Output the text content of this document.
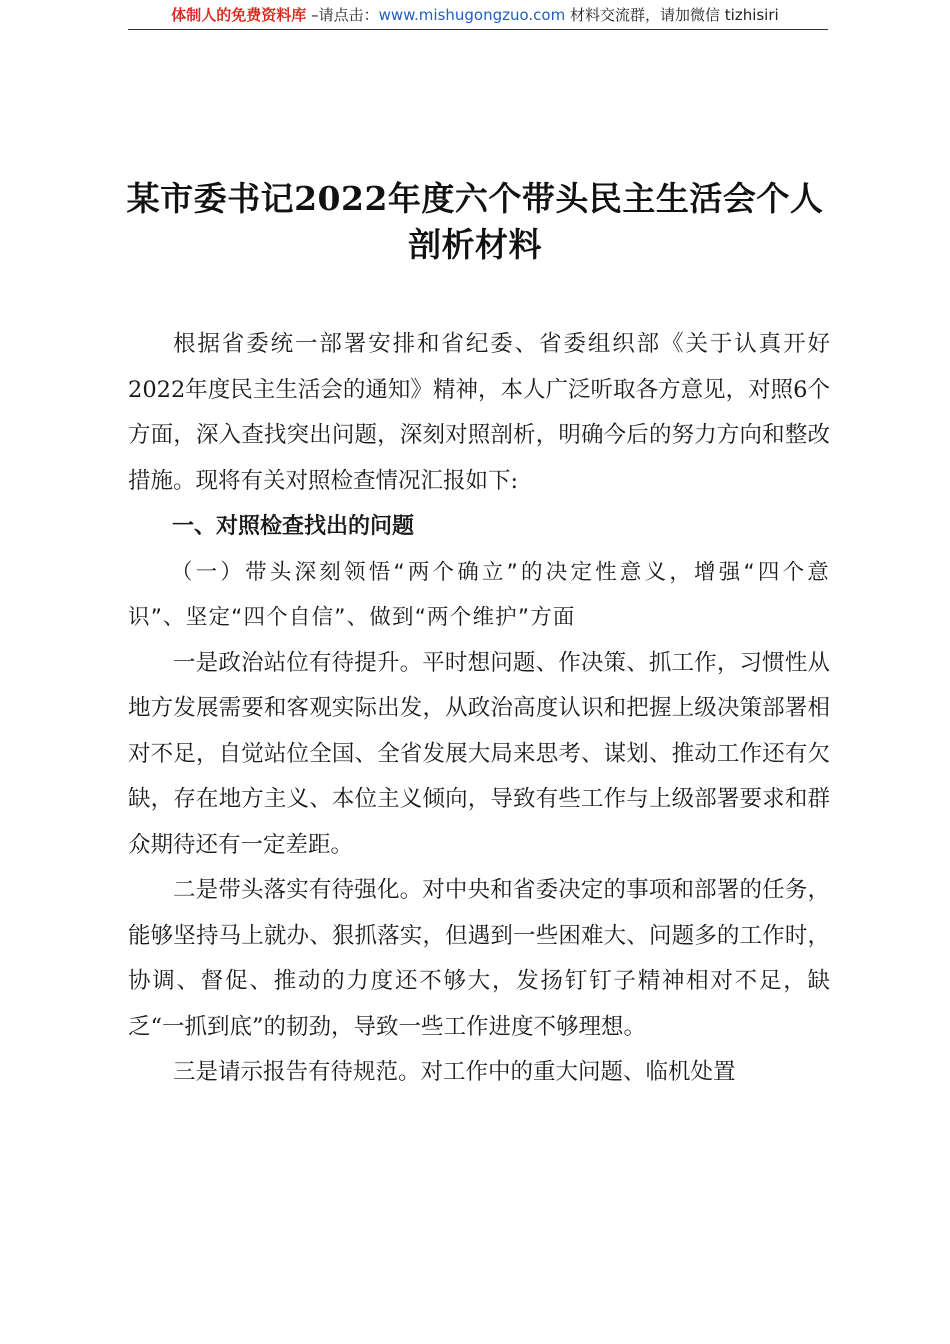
体制人的免费资料库 –请点击：www.mishugongzuo.com 材料交流群，请加微信 tizhisiri
某市委书记2022年度六个带头民主生活会个人剖析材料

根据省委统一部署安排和省纪委、省委组织部《关于认真开好2022年度民主生活会的通知》精神，本人广泛听取各方意见，对照6个方面，深入查找突出问题，深刻对照剖析，明确今后的努力方向和整改措施。现将有关对照检查情况汇报如下:

一、对照检查找出的问题

（一）带头深刻领悟“两个确立”的决定性意义，增强“四个意识”、坚定“四个自信”、做到“两个维护”方面

一是政治站位有待提升。平时想问题、作决策、抓工作，习惯性从地方发展需要和客观实际出发，从政治高度认识和把握上级决策部署相对不足，自觉站位全国、全省发展大局来思考、谋划、推动工作还有欠缺，存在地方主义、本位主义倾向，导致有些工作与上级部署要求和群众期待还有一定差距。

二是带头落实有待强化。对中央和省委决定的事项和部署的任务，能够坚持马上就办、狠抓落实，但遇到一些困难大、问题多的工作时，协调、督促、推动的力度还不够大，发扬钉钉子精神相对不足，缺乏“一抓到底”的韧劲，导致一些工作进度不够理想。

三是请示报告有待规范。对工作中的重大问题、临机处置
